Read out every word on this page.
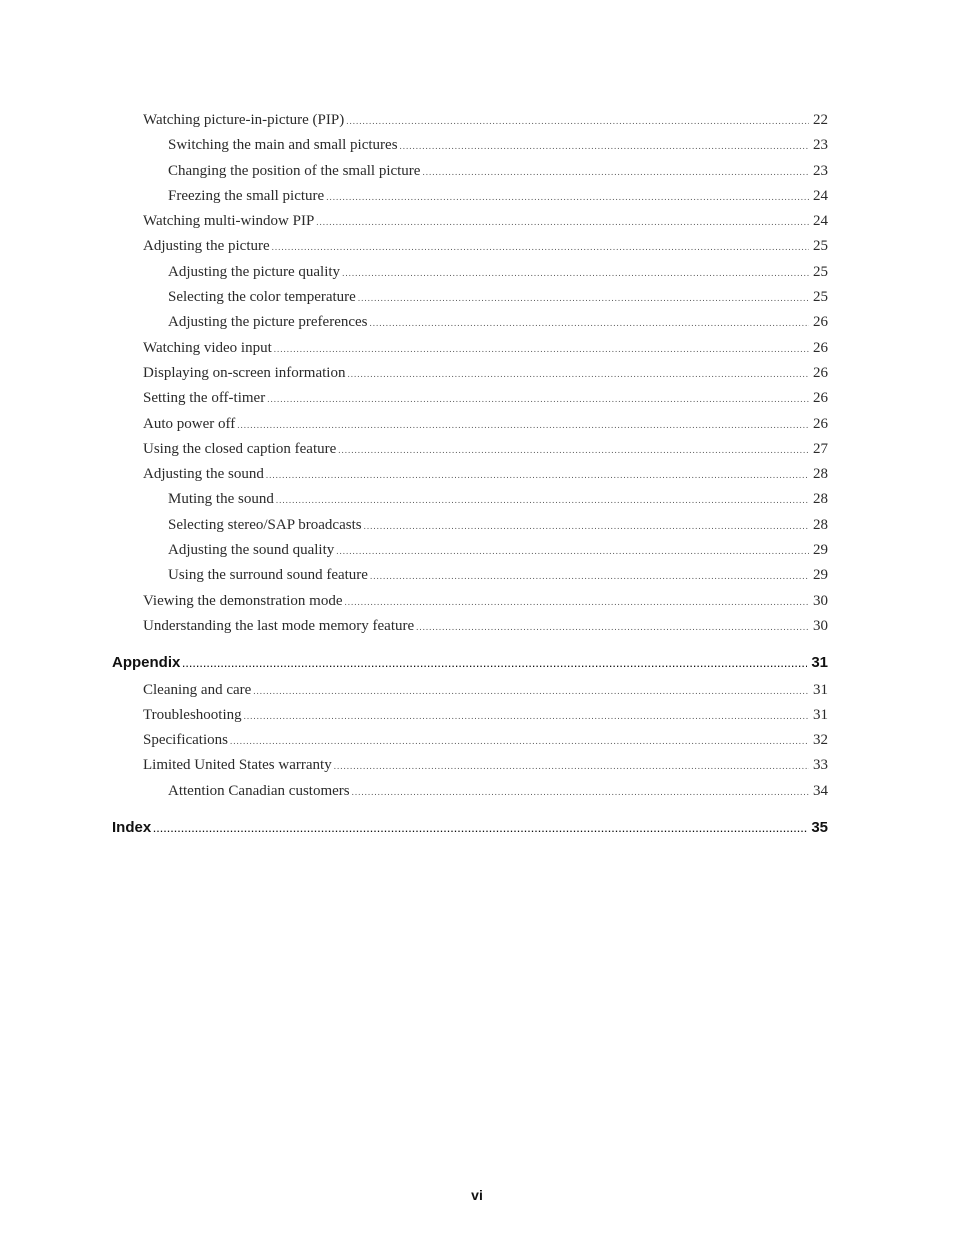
Watching picture-in-picture (PIP) .....	22
Switching the main and small pictures .....	23
Changing the position of the small picture .....	23
Freezing the small picture .....	24
Watching multi-window PIP .....	24
Adjusting the picture .....	25
Adjusting the picture quality .....	25
Selecting the color temperature .....	25
Adjusting the picture preferences .....	26
Watching video input .....	26
Displaying on-screen information .....	26
Setting the off-timer .....	26
Auto power off .....	26
Using the closed caption feature .....	27
Adjusting the sound .....	28
Muting the sound .....	28
Selecting stereo/SAP broadcasts .....	28
Adjusting the sound quality .....	29
Using the surround sound feature .....	29
Viewing the demonstration mode .....	30
Understanding the last mode memory feature .....	30
Appendix .....	31
Cleaning and care .....	31
Troubleshooting .....	31
Specifications .....	32
Limited United States warranty .....	33
Attention Canadian customers .....	34
Index .....	35
vi
